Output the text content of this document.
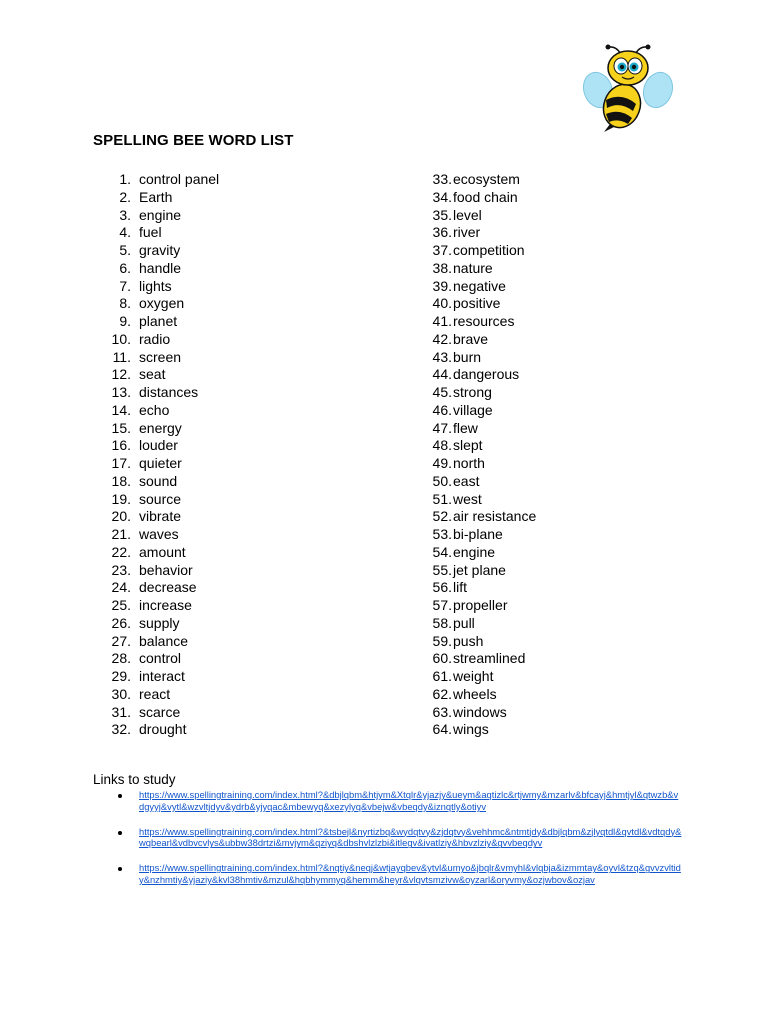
SPELLING BEE WORD LIST
1. control panel
2. Earth
3. engine
4. fuel
5. gravity
6. handle
7. lights
8. oxygen
9. planet
10. radio
11. screen
12. seat
13. distances
14. echo
15. energy
16. louder
17. quieter
18. sound
19. source
20. vibrate
21. waves
22. amount
23. behavior
24. decrease
25. increase
26. supply
27. balance
28. control
29. interact
30. react
31. scarce
32. drought
33.ecosystem
34.food chain
35.level
36.river
37.competition
38.nature
39.negative
40.positive
41.resources
42.brave
43.burn
44.dangerous
45.strong
46.village
47.flew
48.slept
49.north
50.east
51.west
52.air resistance
53.bi-plane
54.engine
55.jet plane
56.lift
57.propeller
58.pull
59.push
60.streamlined
61.weight
62.wheels
63.windows
64.wings
Links to study
https://www.spellingtraining.com/index.html?&dbjlqbm&htjym&Xtqlr&yjazjy&ueym&aqtizlc&rtjwmy&mzarlv&bfcayj&hmtjyl&qtwzb&vdgyyj&vytl&wzvltjdyv&ydrb&yjyqac&mbewyq&xezylyq&vbejw&vbeqdy&iznqtly&otiyv
https://www.spellingtraining.com/index.html?&tsbejl&nyrtizbq&wydqtvy&zjdqtvy&vehhmc&ntmtjdy&dbjlqbm&zjlyqtdl&qvtdl&vdtqdy&wqbearl&vdbvcvlys&ubbw38drtzi&mvjym&qziyq&dbshvlzlzbi&itlegv&ivatlziy&hbvzlziy&gvvbeqdyv
https://www.spellingtraining.com/index.html?&nqtiy&neqj&wtjayqbev&ytvl&umyo&jbqlr&vmyhl&vlqbja&izmmtay&oyvl&tzq&gvvzvltidy&nzhmtiy&yjaziy&kvl38hmtiv&mzul&hqbhymmyq&hemm&heyr&vlqvtsmzivw&oyzarl&oryvmy&ozjwbov&ozjav
